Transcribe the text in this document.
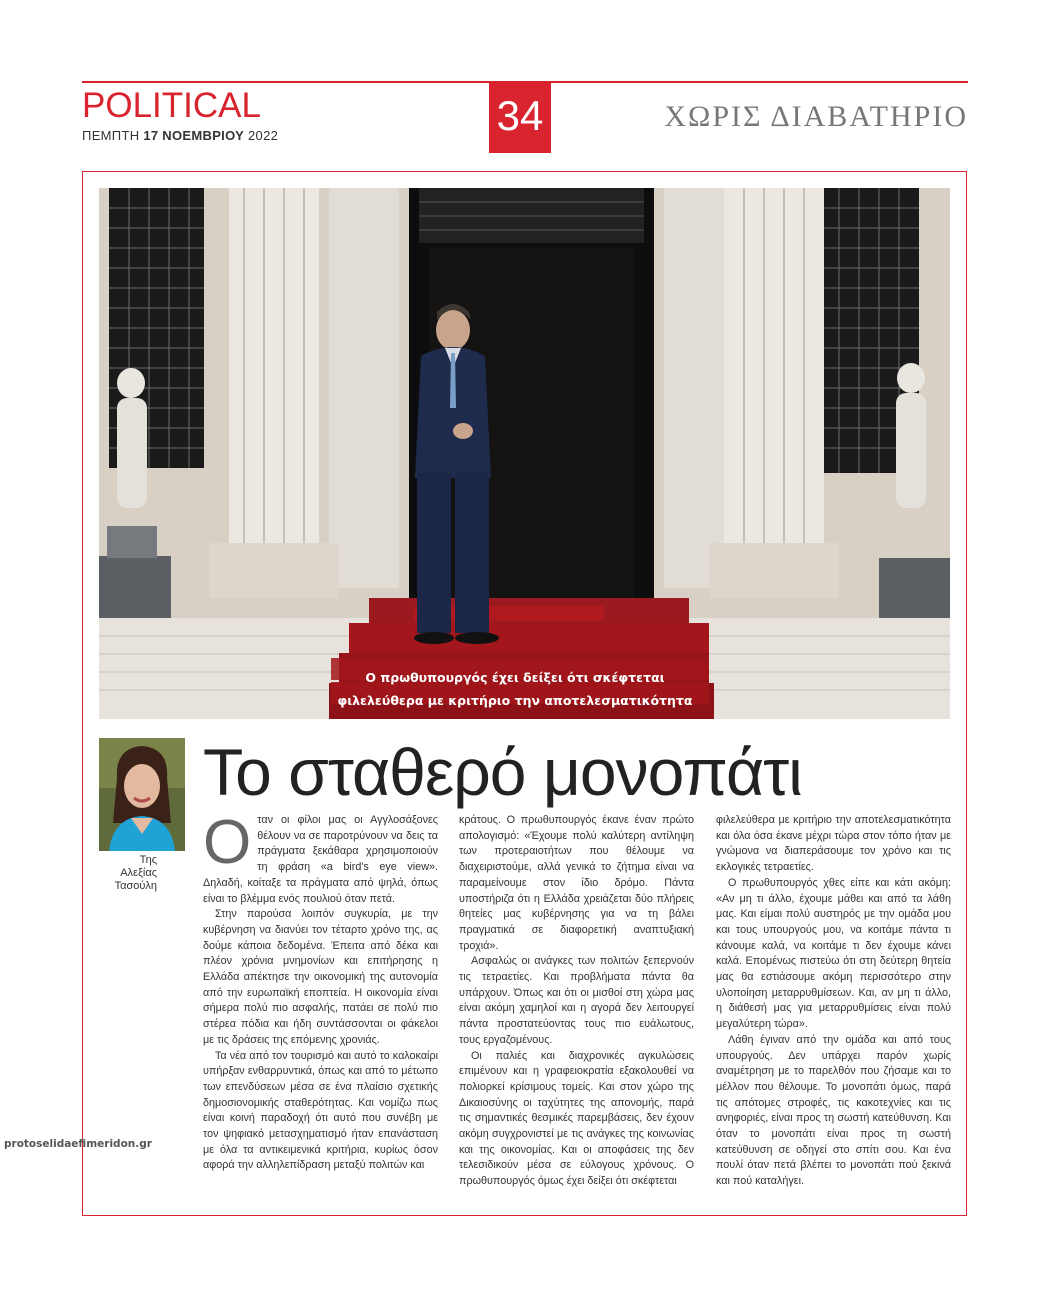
POLITICAL
ΠΕΜΠΤΗ 17 ΝΟΕΜΒΡΙΟΥ 2022	34	ΧΩΡΙΣ ΔΙΑΒΑΤΗΡΙΟ
Ο πρωθυπουργός έχει δείξει ότι σκέφτεται
φιλελεύθερα με κριτήριο την αποτελεσματικότητα
Της
Αλεξίας
Τασούλη
Το σταθερό μονοπάτι

Οταν οι φίλοι μας οι Αγγλοσάξονες θέλουν να σε παροτρύνουν να δεις τα πράγματα ξεκάθαρα χρησιμοποιούν τη φράση «a bird's eye view». Δηλαδή, κοίταξε τα πράγματα από ψηλά, όπως είναι το βλέμμα ενός πουλιού όταν πετά.

Στην παρούσα λοιπόν συγκυρία, με την κυβέρνηση να διανύει τον τέταρτο χρόνο της, ας δούμε κάποια δεδομένα. Έπειτα από δέκα και πλέον χρόνια μνημονίων και επιτήρησης η Ελλάδα απέκτησε την οικονομική της αυτονομία από την ευρωπαϊκή εποπτεία. Η οικονομία είναι σήμερα πολύ πιο ασφαλής, πατάει σε πολύ πιο στέρεα πόδια και ήδη συντάσσονται οι φάκελοι με τις δράσεις της επόμενης χρονιάς.

Τα νέα από τον τουρισμό και αυτό το καλοκαίρι υπήρξαν ενθαρρυντικά, όπως και από το μέτωπο των επενδύσεων μέσα σε ένα πλαίσιο σχετικής δημοσιονομικής σταθερότητας. Και νομίζω πως είναι κοινή παραδοχή ότι αυτό που συνέβη με τον ψηφιακό μετασχηματισμό ήταν επανάσταση με όλα τα αντικειμενικά κριτήρια, κυρίως όσον αφορά την αλληλεπίδραση μεταξύ πολιτών και

κράτους. Ο πρωθυπουργός έκανε έναν πρώτο απολογισμό: «Έχουμε πολύ καλύτερη αντίληψη των προτεραιοτήτων που θέλουμε να διαχειριστούμε, αλλά γενικά το ζήτημα είναι να παραμείνουμε στον ίδιο δρόμο. Πάντα υποστήριζα ότι η Ελλάδα χρειάζεται δύο πλήρεις θητείες μας κυβέρνησης για να τη βάλει πραγματικά σε διαφορετική αναπτυξιακή τροχιά».

Ασφαλώς οι ανάγκες των πολιτών ξεπερνούν τις τετραετίες. Και προβλήματα πάντα θα υπάρχουν. Όπως και ότι οι μισθοί στη χώρα μας είναι ακόμη χαμηλοί και η αγορά δεν λειτουργεί πάντα προστατεύοντας τους πιο ευάλωτους, τους εργαζομένους.

Οι παλιές και διαχρονικές αγκυλώσεις επιμένουν και η γραφειοκρατία εξακολουθεί να πολιορκεί κρίσιμους τομείς. Και στον χώρο της Δικαιοσύνης οι ταχύτητες της απονομής, παρά τις σημαντικές θεσμικές παρεμβάσεις, δεν έχουν ακόμη συγχρονιστεί με τις ανάγκες της κοινωνίας και της οικονομίας. Και οι αποφάσεις της δεν τελεσιδικούν μέσα σε εύλογους χρόνους. Ο πρωθυπουργός όμως έχει δείξει ότι σκέφτεται

φιλελεύθερα με κριτήριο την αποτελεσματικότητα και όλα όσα έκανε μέχρι τώρα στον τόπο ήταν με γνώμονα να διαπεράσουμε τον χρόνο και τις εκλογικές τετραετίες.

Ο πρωθυπουργός χθες είπε και κάτι ακόμη: «Αν μη τι άλλο, έχουμε μάθει και από τα λάθη μας. Και είμαι πολύ αυστηρός με την ομάδα μου και τους υπουργούς μου, να κοιτάμε πάντα τι κάνουμε καλά, να κοιτάμε τι δεν έχουμε κάνει καλά. Επομένως πιστεύω ότι στη δεύτερη θητεία μας θα εστιάσουμε ακόμη περισσότερο στην υλοποίηση μεταρρυθμίσεων. Και, αν μη τι άλλο, η διάθεσή μας για μεταρρυθμίσεις είναι πολύ μεγαλύτερη τώρα».

Λάθη έγιναν από την ομάδα και από τους υπουργούς. Δεν υπάρχει παρόν χωρίς αναμέτρηση με το παρελθόν που ζήσαμε και το μέλλον που θέλουμε. Το μονοπάτι όμως, παρά τις απότομες στροφές, τις κακοτεχνίες και τις ανηφοριές, είναι προς τη σωστή κατεύθυνση. Και όταν το μονοπάτι είναι προς τη σωστή κατεύθυνση σε οδηγεί στο σπίτι σου. Και ένα πουλί όταν πετά βλέπει το μονοπάτι πού ξεκινά και πού καταλήγει.

protoselidaefimeridon.gr
